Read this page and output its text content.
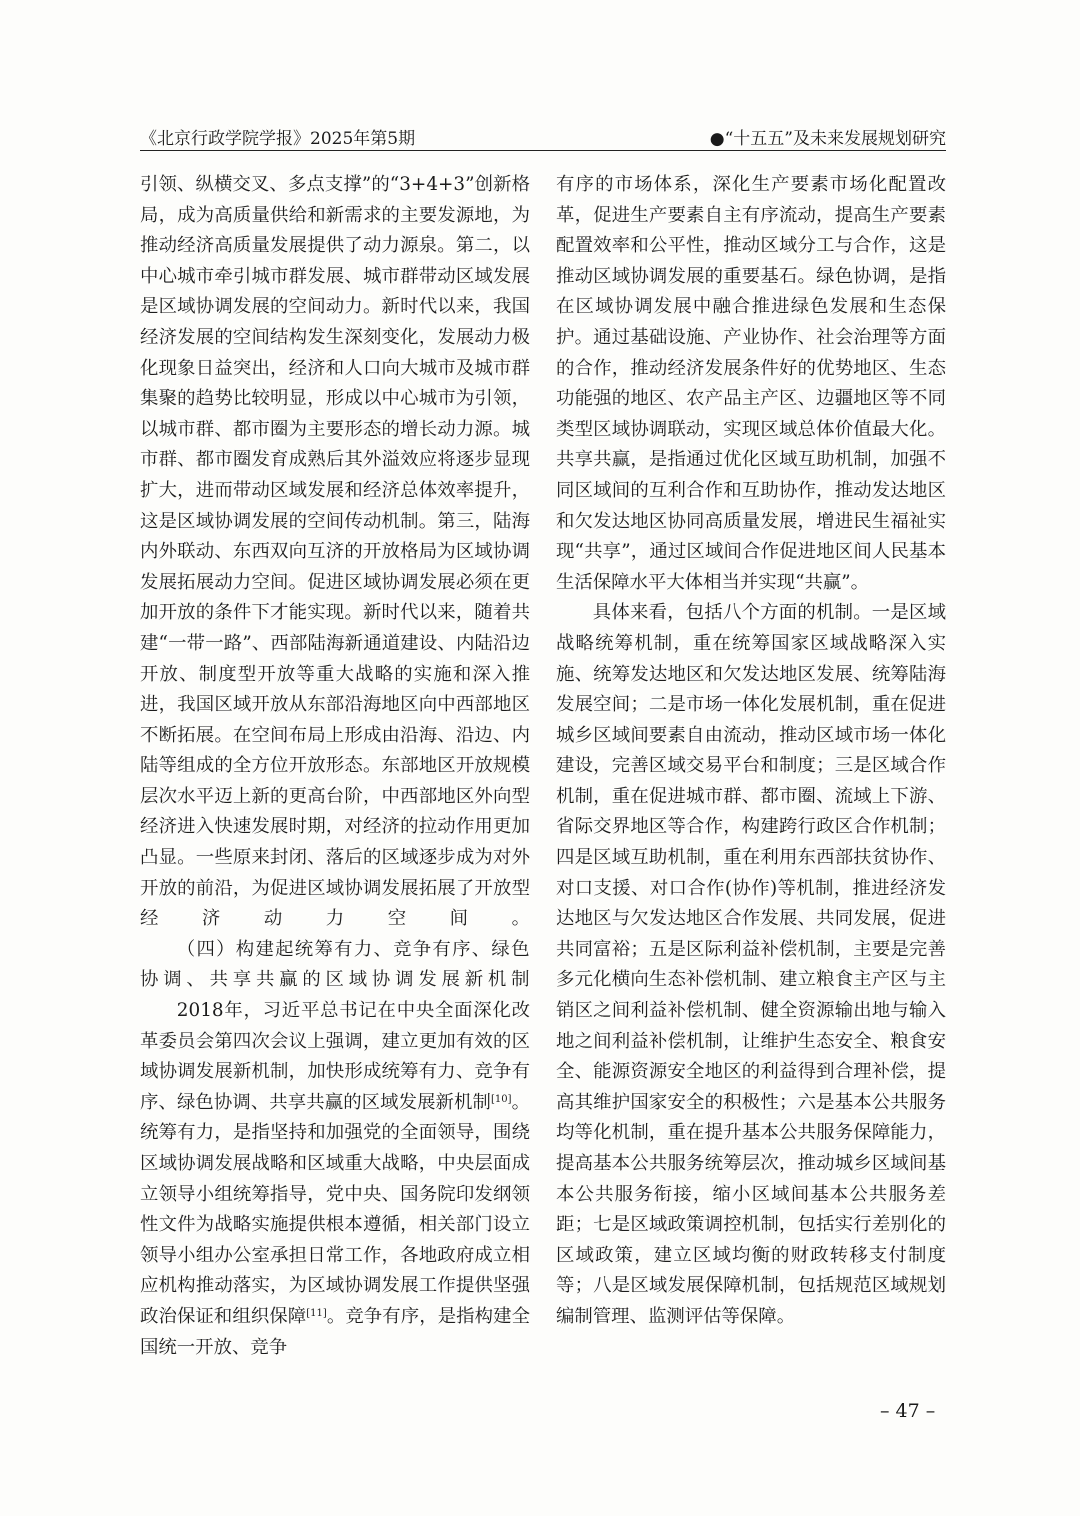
《北京行政学院学报》2025年第5期	●“十五五”及未来发展规划研究

引领、纵横交叉、多点支撑”的“3+4+3”创新格局，成为高质量供给和新需求的主要发源地，为推动经济高质量发展提供了动力源泉。第二，以中心城市牵引城市群发展、城市群带动区域发展是区域协调发展的空间动力。新时代以来，我国经济发展的空间结构发生深刻变化，发展动力极化现象日益突出，经济和人口向大城市及城市群集聚的趋势比较明显，形成以中心城市为引领，以城市群、都市圈为主要形态的增长动力源。城市群、都市圈发育成熟后其外溢效应将逐步显现扩大，进而带动区域发展和经济总体效率提升，这是区域协调发展的空间传动机制。第三，陆海内外联动、东西双向互济的开放格局为区域协调发展拓展动力空间。促进区域协调发展必须在更加开放的条件下才能实现。新时代以来，随着共建“一带一路”、西部陆海新通道建设、内陆沿边开放、制度型开放等重大战略的实施和深入推进，我国区域开放从东部沿海地区向中西部地区不断拓展。在空间布局上形成由沿海、沿边、内陆等组成的全方位开放形态。东部地区开放规模层次水平迈上新的更高台阶，中西部地区外向型经济进入快速发展时期，对经济的拉动作用更加凸显。一些原来封闭、落后的区域逐步成为对外开放的前沿，为促进区域协调发展拓展了开放型经济动力空间。

（四）构建起统筹有力、竞争有序、绿色协调、共享共赢的区域协调发展新机制

2018年，习近平总书记在中央全面深化改革委员会第四次会议上强调，建立更加有效的区域协调发展新机制，加快形成统筹有力、竞争有序、绿色协调、共享共赢的区域发展新机制[10]。统筹有力，是指坚持和加强党的全面领导，围绕区域协调发展战略和区域重大战略，中央层面成立领导小组统筹指导，党中央、国务院印发纲领性文件为战略实施提供根本遵循，相关部门设立领导小组办公室承担日常工作，各地政府成立相应机构推动落实，为区域协调发展工作提供坚强政治保证和组织保障[11]。竞争有序，是指构建全国统一开放、竞争

有序的市场体系，深化生产要素市场化配置改革，促进生产要素自主有序流动，提高生产要素配置效率和公平性，推动区域分工与合作，这是推动区域协调发展的重要基石。绿色协调，是指在区域协调发展中融合推进绿色发展和生态保护。通过基础设施、产业协作、社会治理等方面的合作，推动经济发展条件好的优势地区、生态功能强的地区、农产品主产区、边疆地区等不同类型区域协调联动，实现区域总体价值最大化。共享共赢，是指通过优化区域互助机制，加强不同区域间的互利合作和互助协作，推动发达地区和欠发达地区协同高质量发展，增进民生福祉实现“共享”，通过区域间合作促进地区间人民基本生活保障水平大体相当并实现“共赢”。

具体来看，包括八个方面的机制。一是区域战略统筹机制，重在统筹国家区域战略深入实施、统筹发达地区和欠发达地区发展、统筹陆海发展空间；二是市场一体化发展机制，重在促进城乡区域间要素自由流动，推动区域市场一体化建设，完善区域交易平台和制度；三是区域合作机制，重在促进城市群、都市圈、流域上下游、省际交界地区等合作，构建跨行政区合作机制；四是区域互助机制，重在利用东西部扶贫协作、对口支援、对口合作(协作)等机制，推进经济发达地区与欠发达地区合作发展、共同发展，促进共同富裕；五是区际利益补偿机制，主要是完善多元化横向生态补偿机制、建立粮食主产区与主销区之间利益补偿机制、健全资源输出地与输入地之间利益补偿机制，让维护生态安全、粮食安全、能源资源安全地区的利益得到合理补偿，提高其维护国家安全的积极性；六是基本公共服务均等化机制，重在提升基本公共服务保障能力，提高基本公共服务统筹层次，推动城乡区域间基本公共服务衔接，缩小区域间基本公共服务差距；七是区域政策调控机制，包括实行差别化的区域政策，建立区域均衡的财政转移支付制度等；八是区域发展保障机制，包括规范区域规划编制管理、监测评估等保障。

– 47 –
